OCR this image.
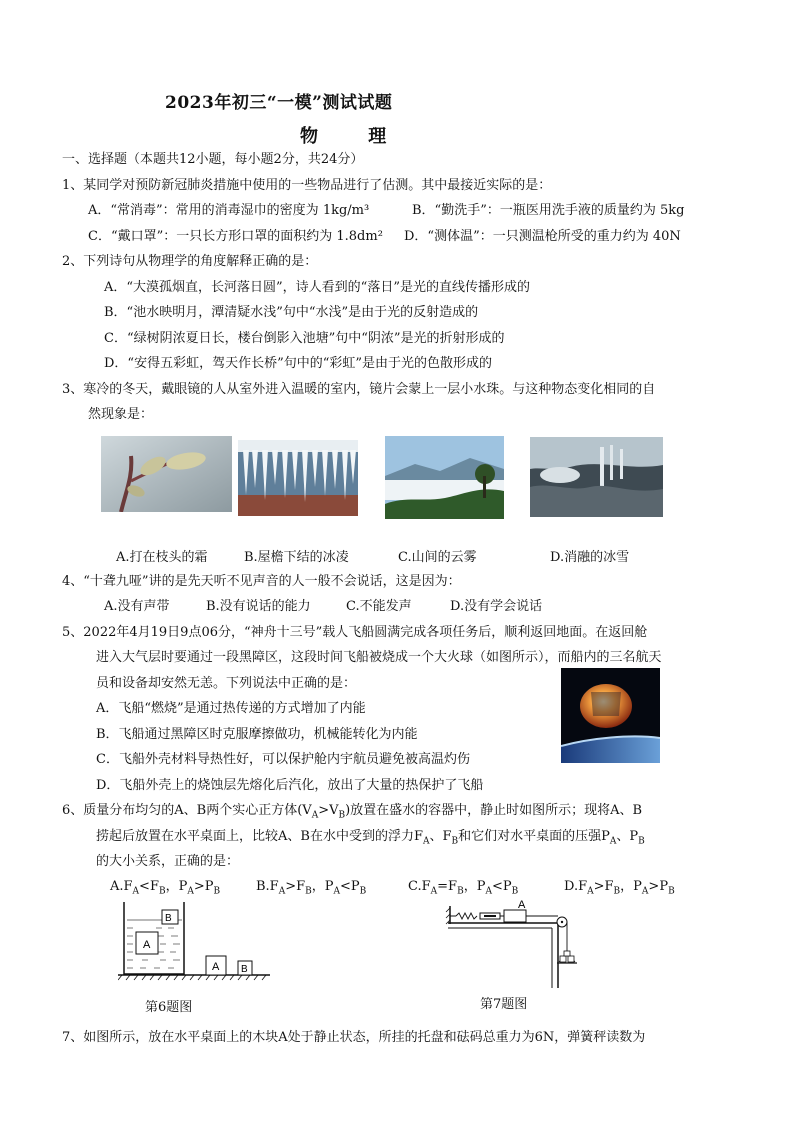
2023年初三“一模”测试试题
物 理
一、选择题（本题共12小题，每小题2分，共24分）
1、某同学对预防新冠肺炎措施中使用的一些物品进行了估测。其中最接近实际的是：
A．“常消毒”：常用的消毒湿巾的密度为 1kg/m³	B．“勤洗手”：一瓶医用洗手液的质量约为 5kg
C．“戴口罩”：一只长方形口罩的面积约为 1.8dm² D．“测体温”：一只测温枪所受的重力约为 40N
2、下列诗句从物理学的角度解释正确的是：
A．“大漠孤烟直，长河落日圆”，诗人看到的“落日”是光的直线传播形成的
B．“池水映明月，潭清疑水浅”句中“水浅”是由于光的反射造成的
C．“绿树阴浓夏日长，楼台倒影入池塘”句中“阴浓”是光的折射形成的
D．“安得五彩虹，驾天作长桥”句中的“彩虹”是由于光的色散形成的
3、寒冷的冬天，戴眼镜的人从室外进入温暖的室内，镜片会蒙上一层小水珠。与这种物态变化相同的自
然现象是：
A.打在枝头的霜	B.屋檐下结的冰凌	C.山间的云雾	D.消融的冰雪
4、“十聋九哑”讲的是先天听不见声音的人一般不会说话，这是因为：
A.没有声带	B.没有说话的能力	C.不能发声	D.没有学会说话
5、2022年4月19日9点06分，“神舟十三号”载人飞船圆满完成各项任务后，顺利返回地面。在返回舱
进入大气层时要通过一段黑障区，这段时间飞船被烧成一个大火球（如图所示），而船内的三名航天
员和设备却安然无恙。下列说法中正确的是：
A．飞船“燃烧”是通过热传递的方式增加了内能
B．飞船通过黑障区时克服摩擦做功，机械能转化为内能
C．飞船外壳材料导热性好，可以保护舱内宇航员避免被高温灼伤
D．飞船外壳上的烧蚀层先熔化后汽化，放出了大量的热保护了飞船
6、质量分布均匀的A、B两个实心正方体$(V_A>V_B)$放置在盛水的容器中，静止时如图所示；现将A、B
捞起后放置在水平桌面上，比较A、B在水中受到的浮力$F_A$、$F_B$和它们对水平桌面的压强$P_A$、$P_B$
的大小关系，正确的是：
$A.F_A<F_B$，$P_A>P_B$	$B.F_A>F_B$，$P_A<P_B$	$C.F_A=F_B$，$P_A<P_B$	$D.F_A>F_B$，$P_A>P_B$
A
B
A B
第6题图
A
第7题图
7、如图所示，放在水平桌面上的木块A处于静止状态，所挂的托盘和砝码总重力为6N，弹簧秤读数为
